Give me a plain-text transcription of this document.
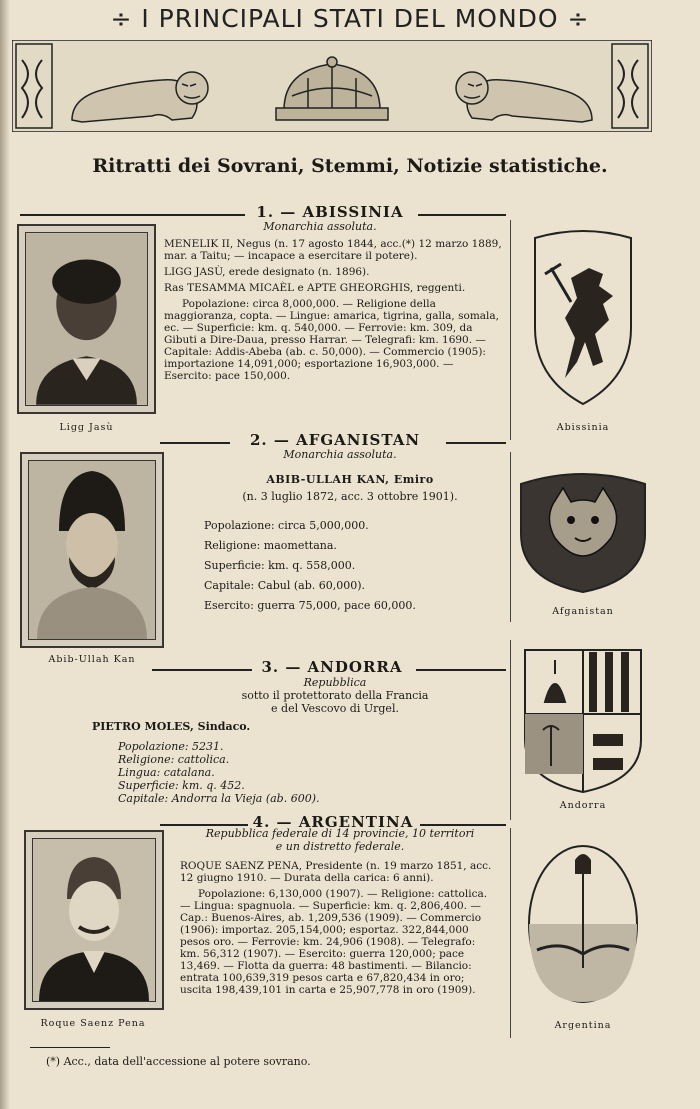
÷ I PRINCIPALI STATI DEL MONDO ÷
Ritratti dei Sovrani, Stemmi, Notizie statistiche.
1. — ABISSINIA
Monarchia assoluta.
Ligg Jasù

MENELIK II, Negus (n. 17 agosto 1844, acc.(*) 12 marzo 1889, mar. a Taitu; — incapace a esercitare il potere).

LIGG JASÙ, erede designato (n. 1896).

Ras TESAMMA MICAÈL e APTE GHEORGHIS, reggenti.

Popolazione: circa 8,000,000. — Religione della maggioranza, copta. — Lingue: amarica, tigrina, galla, somala, ec. — Superficie: km. q. 540,000. — Ferrovie: km. 309, da Gibuti a Dire-Daua, presso Harrar. — Telegrafi: km. 1690. — Capitale: Addis-Abeba (ab. c. 50,000). — Commercio (1905): importazione 14,091,000; esportazione 16,903,000. — Esercito: pace 150,000.

Abissinia
2. — AFGANISTAN
Monarchia assoluta.
Abib-Ullah Kan
ABIB-ULLAH KAN, Emiro
(n. 3 luglio 1872, acc. 3 ottobre 1901).
Popolazione: circa 5,000,000.
Religione: maomettana.
Superficie: km. q. 558,000.
Capitale: Cabul (ab. 60,000).
Esercito: guerra 75,000, pace 60,000.	Afganistan
3. — ANDORRA
Repubblica
sotto il protettorato della Francia
e del Vescovo di Urgel.
PIETRO MOLES, Sindaco.
Popolazione: 5231.
Religione: cattolica.
Lingua: catalana.
Superficie: km. q. 452.
Capitale: Andorra la Vieja (ab. 600).
Andorra
4. — ARGENTINA
Repubblica federale di 14 provincie, 10 territori
e un distretto federale.
Roque Saenz Pena

ROQUE SAENZ PENA, Presidente (n. 19 marzo 1851, acc. 12 giugno 1910. — Durata della carica: 6 anni).

Popolazione: 6,130,000 (1907). — Religione: cattolica. — Lingua: spagnuola. — Superficie: km. q. 2,806,400. — Cap.: Buenos-Aires, ab. 1,209,536 (1909). — Commercio (1906): importaz. 205,154,000; esportaz. 322,844,000 pesos oro. — Ferrovie: km. 24,906 (1908). — Telegrafo: km. 56,312 (1907). — Esercito: guerra 120,000; pace 13,469. — Flotta da guerra: 48 bastimenti. — Bilancio: entrata 100,639,319 pesos carta e 67,820,434 in oro; uscita 198,439,101 in carta e 25,907,778 in oro (1909).

Argentina
(*) Acc., data dell'accessione al potere sovrano.
